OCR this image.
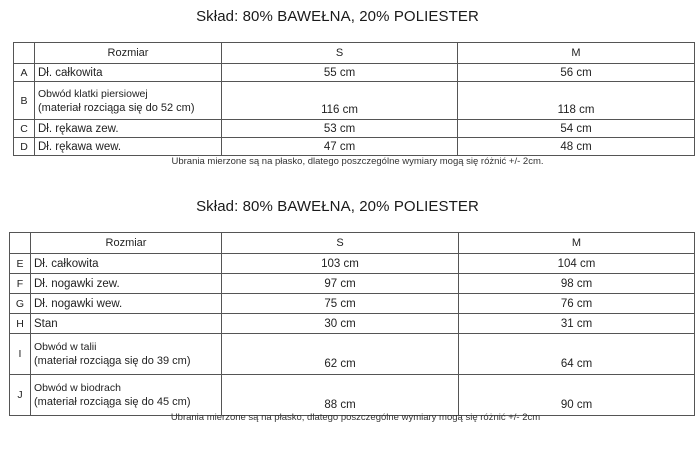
Skład: 80% BAWEŁNA, 20% POLIESTER
	Rozmiar	S	M
A	Dł. całkowita	55 cm	56 cm
B	Obwód klatki piersiowej
(materiał rozciąga się do 52 cm)	116 cm	118 cm
C	Dł. rękawa zew.	53 cm	54 cm
D	Dł. rękawa wew.	47 cm	48 cm
Ubrania mierzone są na płasko, dlatego poszczególne wymiary mogą się różnić +/- 2cm.
Skład: 80% BAWEŁNA, 20% POLIESTER
	Rozmiar	S	M
E	Dł. całkowita	103 cm	104 cm
F	Dł. nogawki zew.	97 cm	98 cm
G	Dł. nogawki wew.	75 cm	76 cm
H	Stan	30 cm	31 cm
I	Obwód w talii
(materiał rozciąga się do 39 cm)	62 cm	64 cm
J	Obwód w biodrach
(materiał rozciąga się do 45 cm)	88 cm	90 cm
Ubrania mierzone są na płasko, dlatego poszczególne wymiary mogą się różnić +/- 2cm
